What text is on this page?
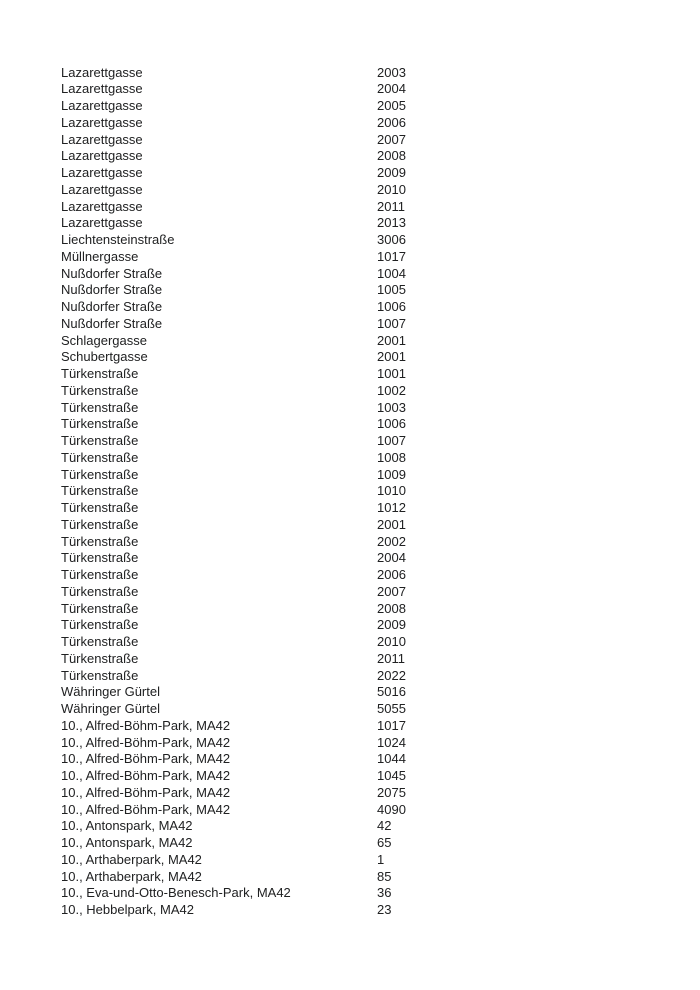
Lazarettgasse	2003
Lazarettgasse	2004
Lazarettgasse	2005
Lazarettgasse	2006
Lazarettgasse	2007
Lazarettgasse	2008
Lazarettgasse	2009
Lazarettgasse	2010
Lazarettgasse	2011
Lazarettgasse	2013
Liechtensteinstraße	3006
Müllnergasse	1017
Nußdorfer Straße	1004
Nußdorfer Straße	1005
Nußdorfer Straße	1006
Nußdorfer Straße	1007
Schlagergasse	2001
Schubertgasse	2001
Türkenstraße	1001
Türkenstraße	1002
Türkenstraße	1003
Türkenstraße	1006
Türkenstraße	1007
Türkenstraße	1008
Türkenstraße	1009
Türkenstraße	1010
Türkenstraße	1012
Türkenstraße	2001
Türkenstraße	2002
Türkenstraße	2004
Türkenstraße	2006
Türkenstraße	2007
Türkenstraße	2008
Türkenstraße	2009
Türkenstraße	2010
Türkenstraße	2011
Türkenstraße	2022
Währinger Gürtel	5016
Währinger Gürtel	5055
10., Alfred-Böhm-Park, MA42	1017
10., Alfred-Böhm-Park, MA42	1024
10., Alfred-Böhm-Park, MA42	1044
10., Alfred-Böhm-Park, MA42	1045
10., Alfred-Böhm-Park, MA42	2075
10., Alfred-Böhm-Park, MA42	4090
10., Antonspark, MA42	42
10., Antonspark, MA42	65
10., Arthaberpark, MA42	1
10., Arthaberpark, MA42	85
10., Eva-und-Otto-Benesch-Park, MA42	36
10., Hebbelpark, MA42	23
